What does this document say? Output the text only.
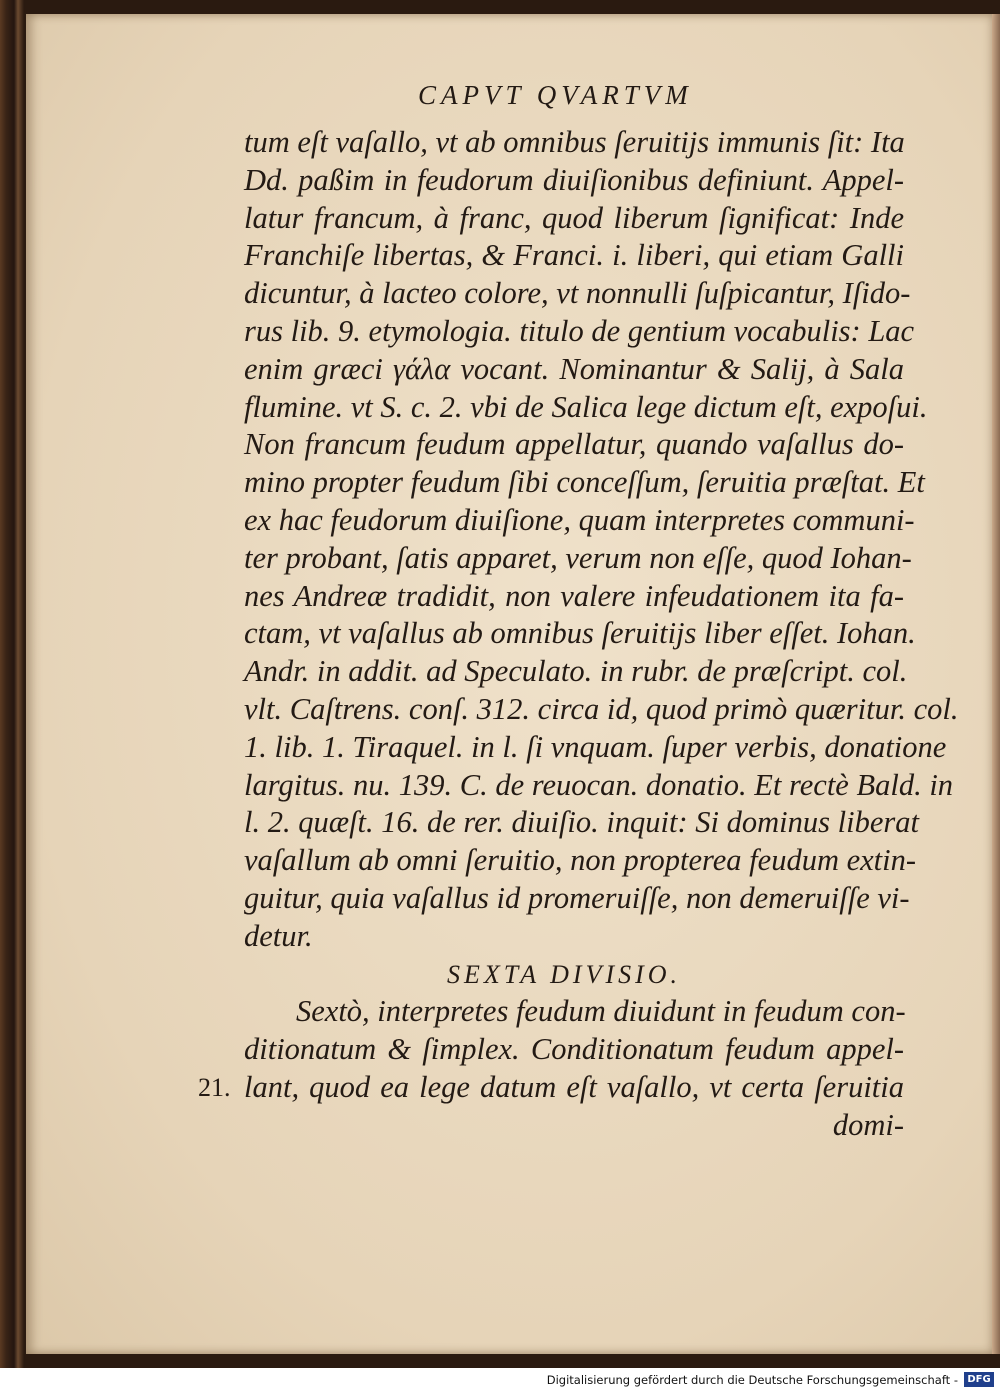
CAPVT QVARTVM
tum eſt vaſallo, vt ab omnibus ſeruitijs immunis ſit: Ita
Dd. paßim in feudorum diuiſionibus definiunt. Appel-
latur francum, à franc, quod liberum ſignificat: Inde
Franchiſe libertas, & Franci. i. liberi, qui etiam Galli
dicuntur, à lacteo colore, vt nonnulli ſuſpicantur, Iſido-
rus lib. 9. etymologia. titulo de gentium vocabulis: Lac
enim græci γάλα vocant. Nominantur & Salij, à Sala
flumine. vt S. c. 2. vbi de Salica lege dictum eſt, expoſui.
Non francum feudum appellatur, quando vaſallus do-
mino propter feudum ſibi conceſſum, ſeruitia præſtat. Et
ex hac feudorum diuiſione, quam interpretes communi-
ter probant, ſatis apparet, verum non eſſe, quod Iohan-
nes Andreæ tradidit, non valere infeudationem ita fa-
ctam, vt vaſallus ab omnibus ſeruitijs liber eſſet. Iohan.
Andr. in addit. ad Speculato. in rubr. de præſcript. col.
vlt. Caſtrens. conſ. 312. circa id, quod primò quæritur. col.
1. lib. 1. Tiraquel. in l. ſi vnquam. ſuper verbis, donatione
largitus. nu. 139. C. de reuocan. donatio. Et rectè Bald. in
l. 2. quæſt. 16. de rer. diuiſio. inquit: Si dominus liberat
vaſallum ab omni ſeruitio, non propterea feudum extin-
guitur, quia vaſallus id promeruiſſe, non demeruiſſe vi-
detur.
SEXTA DIVISIO.
Sextò, interpretes feudum diuidunt in feudum con-
ditionatum & ſimplex. Conditionatum feudum appel-
lant, quod ea lege datum eſt vaſallo, vt certa ſeruitia
domi-
21.
Digitalisierung gefördert durch die Deutsche Forschungsgemeinschaft - DFG
